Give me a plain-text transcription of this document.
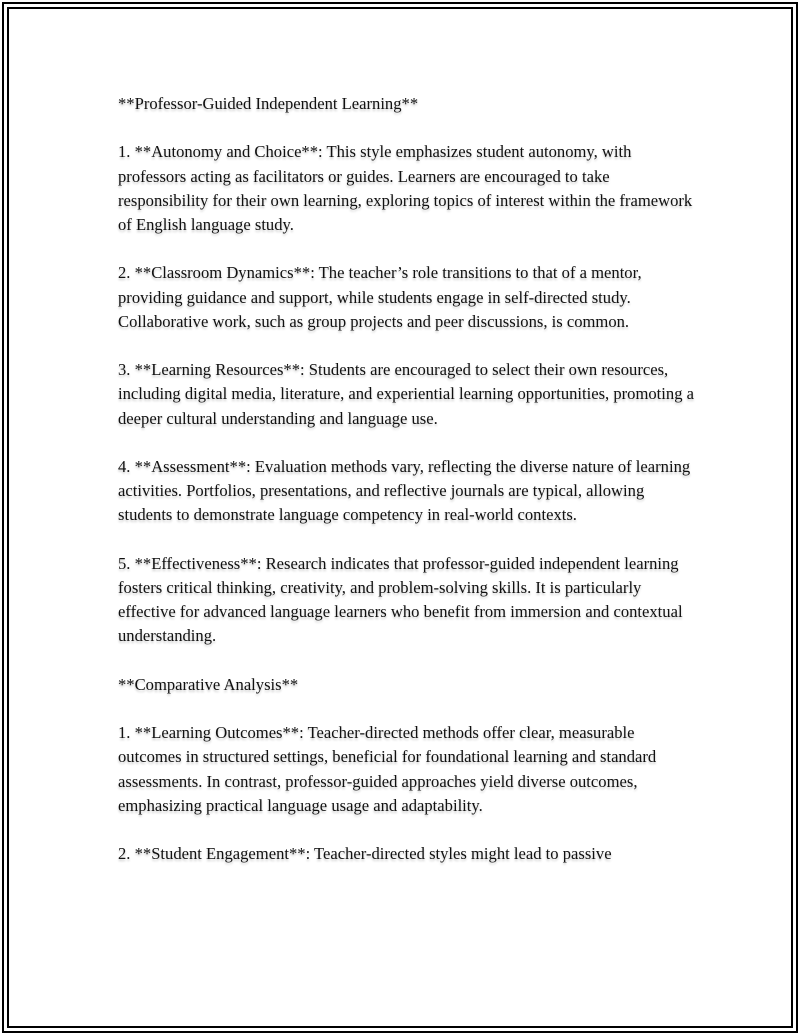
**Professor-Guided Independent Learning**

1. **Autonomy and Choice**: This style emphasizes student autonomy, with professors acting as facilitators or guides. Learners are encouraged to take responsibility for their own learning, exploring topics of interest within the framework of English language study.

2. **Classroom Dynamics**: The teacher’s role transitions to that of a mentor, providing guidance and support, while students engage in self-directed study. Collaborative work, such as group projects and peer discussions, is common.

3. **Learning Resources**: Students are encouraged to select their own resources, including digital media, literature, and experiential learning opportunities, promoting a deeper cultural understanding and language use.

4. **Assessment**: Evaluation methods vary, reflecting the diverse nature of learning activities. Portfolios, presentations, and reflective journals are typical, allowing students to demonstrate language competency in real-world contexts.

5. **Effectiveness**: Research indicates that professor-guided independent learning fosters critical thinking, creativity, and problem-solving skills. It is particularly effective for advanced language learners who benefit from immersion and contextual understanding.

**Comparative Analysis**

1. **Learning Outcomes**: Teacher-directed methods offer clear, measurable outcomes in structured settings, beneficial for foundational learning and standard assessments. In contrast, professor-guided approaches yield diverse outcomes, emphasizing practical language usage and adaptability.

2. **Student Engagement**: Teacher-directed styles might lead to passive
